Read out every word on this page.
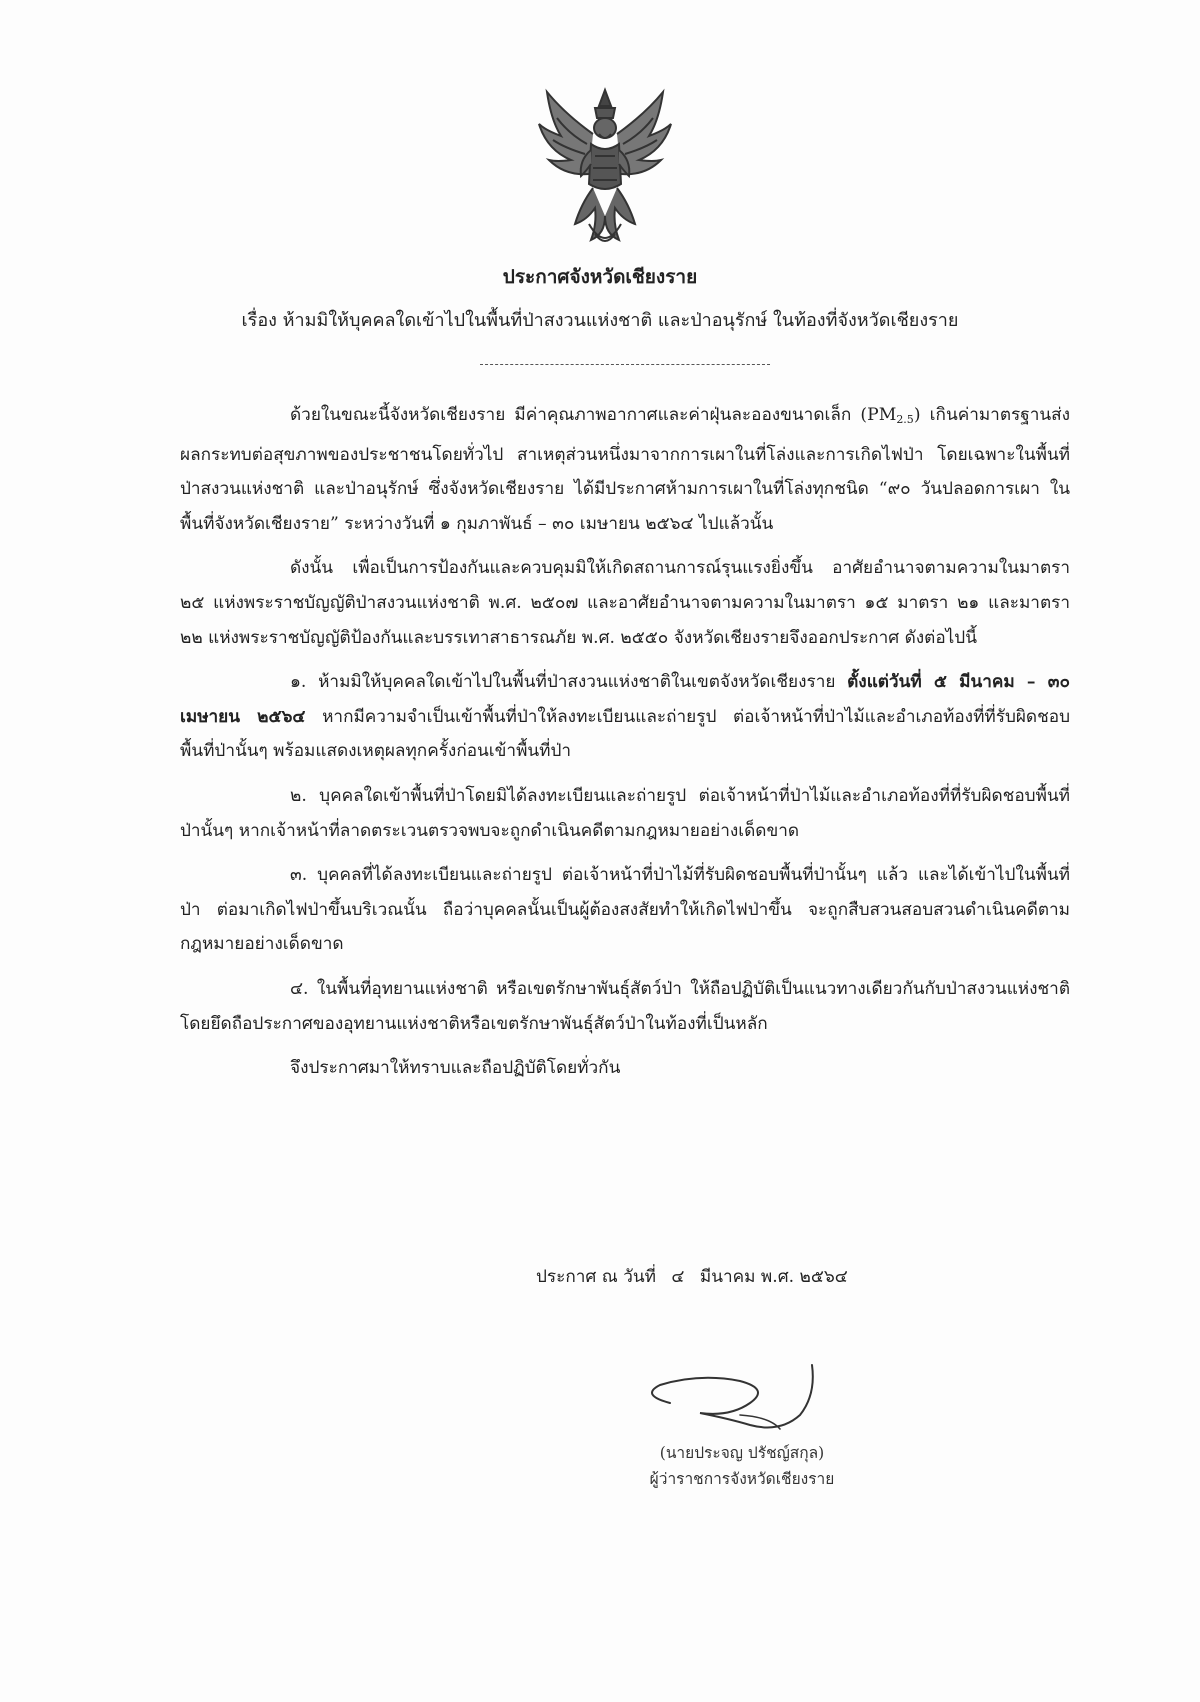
ประกาศจังหวัดเชียงราย
เรื่อง ห้ามมิให้บุคคลใดเข้าไปในพื้นที่ป่าสงวนแห่งชาติ และป่าอนุรักษ์ ในท้องที่จังหวัดเชียงราย

ด้วยในขณะนี้จังหวัดเชียงราย มีค่าคุณภาพอากาศและค่าฝุ่นละอองขนาดเล็ก $(PM_{2.5})$ เกินค่ามาตรฐานส่งผลกระทบต่อสุขภาพของประชาชนโดยทั่วไป สาเหตุส่วนหนึ่งมาจากการเผาในที่โล่งและการเกิดไฟป่า โดยเฉพาะในพื้นที่ป่าสงวนแห่งชาติ และป่าอนุรักษ์ ซึ่งจังหวัดเชียงราย ได้มีประกาศห้ามการเผาในที่โล่งทุกชนิด “๙๐ วันปลอดการเผา ในพื้นที่จังหวัดเชียงราย” ระหว่างวันที่ ๑ กุมภาพันธ์ – ๓๐ เมษายน ๒๕๖๔ ไปแล้วนั้น

ดังนั้น เพื่อเป็นการป้องกันและควบคุมมิให้เกิดสถานการณ์รุนแรงยิ่งขึ้น อาศัยอำนาจตามความในมาตรา ๒๕ แห่งพระราชบัญญัติป่าสงวนแห่งชาติ พ.ศ. ๒๕๐๗ และอาศัยอำนาจตามความในมาตรา ๑๕ มาตรา ๒๑ และมาตรา ๒๒ แห่งพระราชบัญญัติป้องกันและบรรเทาสาธารณภัย พ.ศ. ๒๕๕๐ จังหวัดเชียงรายจึงออกประกาศ ดังต่อไปนี้

๑. ห้ามมิให้บุคคลใดเข้าไปในพื้นที่ป่าสงวนแห่งชาติในเขตจังหวัดเชียงราย ตั้งแต่วันที่ ๕ มีนาคม – ๓๐ เมษายน ๒๕๖๔ หากมีความจำเป็นเข้าพื้นที่ป่าให้ลงทะเบียนและถ่ายรูป ต่อเจ้าหน้าที่ป่าไม้และอำเภอท้องที่ที่รับผิดชอบพื้นที่ป่านั้นๆ พร้อมแสดงเหตุผลทุกครั้งก่อนเข้าพื้นที่ป่า

๒. บุคคลใดเข้าพื้นที่ป่าโดยมิได้ลงทะเบียนและถ่ายรูป ต่อเจ้าหน้าที่ป่าไม้และอำเภอท้องที่ที่รับผิดชอบพื้นที่ป่านั้นๆ หากเจ้าหน้าที่ลาดตระเวนตรวจพบจะถูกดำเนินคดีตามกฎหมายอย่างเด็ดขาด

๓. บุคคลที่ได้ลงทะเบียนและถ่ายรูป ต่อเจ้าหน้าที่ป่าไม้ที่รับผิดชอบพื้นที่ป่านั้นๆ แล้ว และได้เข้าไปในพื้นที่ป่า ต่อมาเกิดไฟป่าขึ้นบริเวณนั้น ถือว่าบุคคลนั้นเป็นผู้ต้องสงสัยทำให้เกิดไฟป่าขึ้น จะถูกสืบสวนสอบสวนดำเนินคดีตามกฎหมายอย่างเด็ดขาด

๔. ในพื้นที่อุทยานแห่งชาติ หรือเขตรักษาพันธุ์สัตว์ป่า ให้ถือปฏิบัติเป็นแนวทางเดียวกันกับป่าสงวนแห่งชาติ โดยยึดถือประกาศของอุทยานแห่งชาติหรือเขตรักษาพันธุ์สัตว์ป่าในท้องที่เป็นหลัก

จึงประกาศมาให้ทราบและถือปฏิบัติโดยทั่วกัน

ประกาศ ณ วันที่ ๔ มีนาคม พ.ศ. ๒๕๖๔
(นายประจญ ปรัชญ์สกุล)
ผู้ว่าราชการจังหวัดเชียงราย
